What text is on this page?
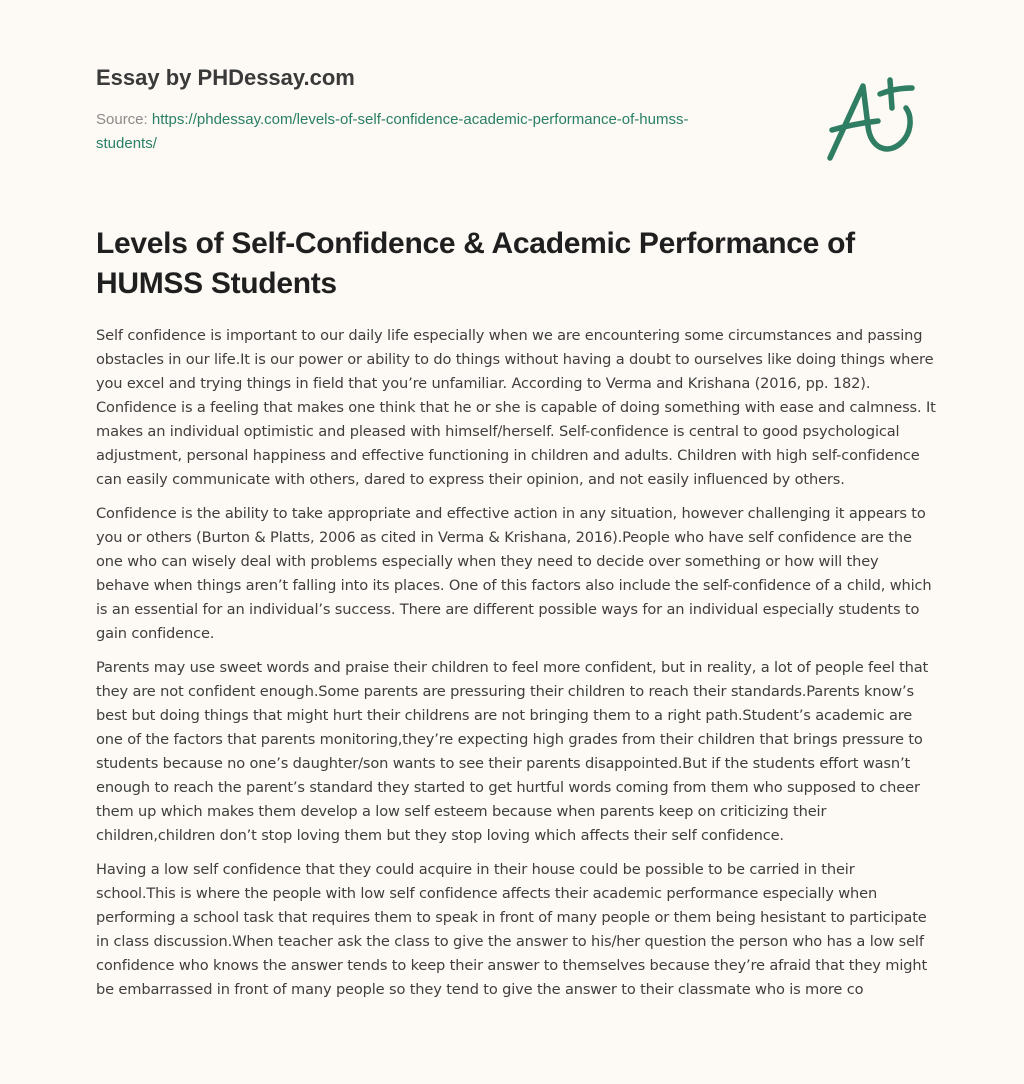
Essay by PHDessay.com
Source: https://phdessay.com/levels-of-self-confidence-academic-performance-of-humss-students/
Levels of Self-Confidence & Academic Performance of HUMSS Students

Self confidence is important to our daily life especially when we are encountering some circumstances and passing obstacles in our life.It is our power or ability to do things without having a doubt to ourselves like doing things where you excel and trying things in field that you’re unfamiliar. According to Verma and Krishana (2016, pp. 182). Confidence is a feeling that makes one think that he or she is capable of doing something with ease and calmness. It makes an individual optimistic and pleased with himself/herself. Self-confidence is central to good psychological adjustment, personal happiness and effective functioning in children and adults. Children with high self-confidence can easily communicate with others, dared to express their opinion, and not easily influenced by others.

Confidence is the ability to take appropriate and effective action in any situation, however challenging it appears to you or others (Burton & Platts, 2006 as cited in Verma & Krishana, 2016).People who have self confidence are the one who can wisely deal with problems especially when they need to decide over something or how will they behave when things aren’t falling into its places. One of this factors also include the self-confidence of a child, which is an essential for an individual’s success. There are different possible ways for an individual especially students to gain confidence.

Parents may use sweet words and praise their children to feel more confident, but in reality, a lot of people feel that they are not confident enough.Some parents are pressuring their children to reach their standards.Parents know’s best but doing things that might hurt their childrens are not bringing them to a right path.Student’s academic are one of the factors that parents monitoring,they’re expecting high grades from their children that brings pressure to students because no one’s daughter/son wants to see their parents disappointed.But if the students effort wasn’t enough to reach the parent’s standard they started to get hurtful words coming from them who supposed to cheer them up which makes them develop a low self esteem because when parents keep on criticizing their children,children don’t stop loving them but they stop loving which affects their self confidence.

Having a low self confidence that they could acquire in their house could be possible to be carried in their school.This is where the people with low self confidence affects their academic performance especially when performing a school task that requires them to speak in front of many people or them being hesistant to participate in class discussion.When teacher ask the class to give the answer to his/her question the person who has a low self confidence who knows the answer tends to keep their answer to themselves because they’re afraid that they might be embarrassed in front of many people so they tend to give the answer to their classmate who is more co
